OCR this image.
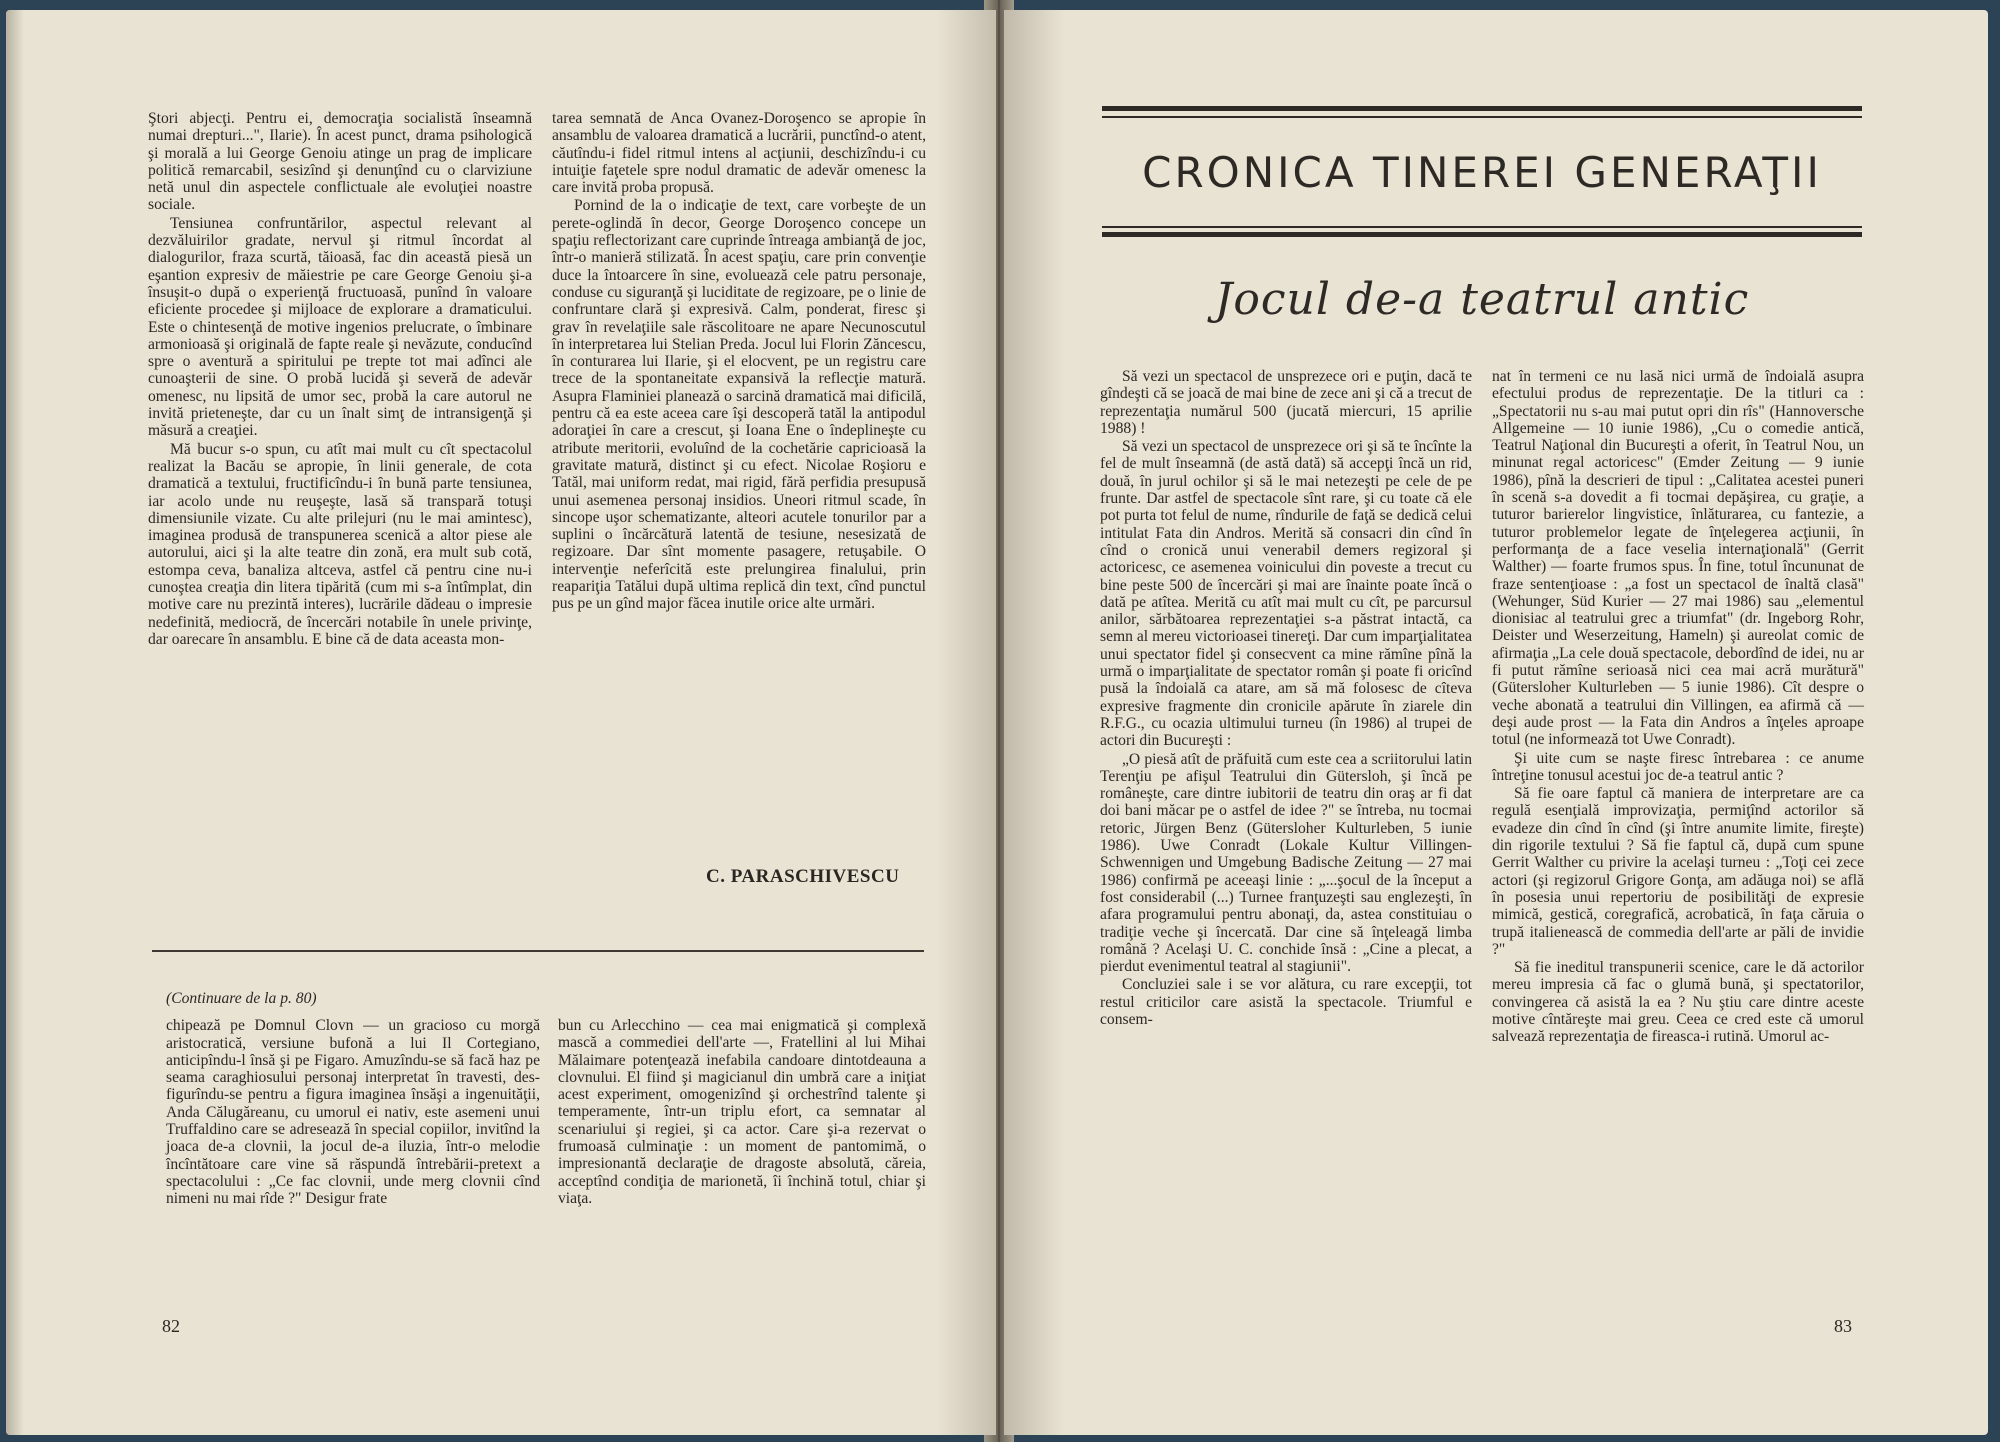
Ştori abjecţi. Pentru ei, democraţia socialistă înseamnă numai drepturi...", Ilarie). În acest punct, drama psihologică şi morală a lui George Genoiu atinge un prag de implicare politică remarcabil, sesizînd şi denunţînd cu o clarviziune netă unul din aspectele conflictuale ale evoluţiei noastre sociale.

Tensiunea confruntărilor, aspectul relevant al dezvăluirilor gradate, nervul şi ritmul încordat al dialogurilor, fraza scurtă, tăioasă, fac din această piesă un eşantion expresiv de măiestrie pe care George Genoiu şi-a însuşit-o după o experienţă fructuoasă, punînd în valoare eficiente procedee şi mijloace de explorare a dramaticului. Este o chintesenţă de motive ingenios prelucrate, o îmbinare armonioasă şi originală de fapte reale şi nevăzute, conducînd spre o aventură a spiritului pe trepte tot mai adînci ale cunoaşterii de sine. O probă lucidă şi severă de adevăr omenesc, nu lipsită de umor sec, probă la care autorul ne invită prieteneşte, dar cu un înalt simţ de intransigenţă şi măsură a creaţiei.

Mă bucur s-o spun, cu atît mai mult cu cît spectacolul realizat la Bacău se apropie, în linii generale, de cota dramatică a textului, fructificîndu-i în bună parte tensiunea, iar acolo unde nu reuşeşte, lasă să transpară totuşi dimensiunile vizate. Cu alte prilejuri (nu le mai amintesc), imaginea produsă de transpunerea scenică a altor piese ale autorului, aici şi la alte teatre din zonă, era mult sub cotă, estompa ceva, banaliza altceva, astfel că pentru cine nu-i cunoştea creaţia din litera tipărită (cum mi s-a întîmplat, din motive care nu prezintă interes), lucrările dădeau o impresie nedefinită, mediocră, de încercări notabile în unele privinţe, dar oarecare în ansamblu. E bine că de data aceasta mon-

tarea semnată de Anca Ovanez-Doroşenco se apropie în ansamblu de valoarea dramatică a lucrării, punctînd-o atent, căutîndu-i fidel ritmul intens al acţiunii, deschizîndu-i cu intuiţie faţetele spre nodul dramatic de adevăr omenesc la care invită proba propusă.

Pornind de la o indicaţie de text, care vorbeşte de un perete-oglindă în decor, George Doroşenco concepe un spaţiu reflectorizant care cuprinde întreaga ambianţă de joc, într-o manieră stilizată. În acest spaţiu, care prin convenţie duce la întoarcere în sine, evoluează cele patru personaje, conduse cu siguranţă şi luciditate de regizoare, pe o linie de confruntare clară şi expresivă. Calm, ponderat, firesc şi grav în revelaţiile sale răscolitoare ne apare Necunoscutul în interpretarea lui Stelian Preda. Jocul lui Florin Zăncescu, în conturarea lui Ilarie, şi el elocvent, pe un registru care trece de la spontaneitate expansivă la reflecţie matură. Asupra Flaminiei planează o sarcină dramatică mai dificilă, pentru că ea este aceea care îşi descoperă tatăl la antipodul adoraţiei în care a crescut, şi Ioana Ene o îndeplineşte cu atribute meritorii, evoluînd de la cochetărie capricioasă la gravitate matură, distinct şi cu efect. Nicolae Roşioru e Tatăl, mai uniform redat, mai rigid, fără perfidia presupusă unui asemenea personaj insidios. Uneori ritmul scade, în sincope uşor schematizante, alteori acutele tonurilor par a suplini o încărcătură latentă de tesiune, nesesizată de regizoare. Dar sînt momente pasagere, retuşabile. O intervenţie neferîcită este prelungirea finalului, prin reapariţia Tatălui după ultima replică din text, cînd punctul pus pe un gînd major făcea inutile orice alte urmări.

C. PARASCHIVESCU

(Continuare de la p. 80)

chipează pe Domnul Clovn — un gracioso cu morgă aristocratică, versiune bufonă a lui Il Cortegiano, anticipîndu-l însă şi pe Figaro. Amuzîndu-se să facă haz pe seama caraghiosului personaj interpretat în travesti, des-figurîndu-se pentru a figura imaginea însăşi a ingenuităţii, Anda Călugăreanu, cu umorul ei nativ, este asemeni unui Truffaldino care se adresează în special copiilor, invitînd la joaca de-a clovnii, la jocul de-a iluzia, într-o melodie încîntătoare care vine să răspundă întrebării-pretext a spectacolului : „Ce fac clovnii, unde merg clovnii cînd nimeni nu mai rîde ?" Desigur frate

bun cu Arlecchino — cea mai enigmatică şi complexă mască a commediei dell'arte —, Fratellini al lui Mihai Mălaimare potenţează inefabila candoare dintotdeauna a clovnului. El fiind şi magicianul din umbră care a iniţiat acest experiment, omogenizînd şi orchestrînd talente şi temperamente, într-un triplu efort, ca semnatar al scenariului şi regiei, şi ca actor. Care şi-a rezervat o frumoasă culminaţie : un moment de pantomimă, o impresionantă declaraţie de dragoste absolută, căreia, acceptînd condiţia de marionetă, îi închină totul, chiar şi viaţa.

82
CRONICA TINEREI GENERAŢII
Jocul de-a teatrul antic

Să vezi un spectacol de unsprezece ori e puţin, dacă te gîndeşti că se joacă de mai bine de zece ani şi că a trecut de reprezentaţia numărul 500 (jucată miercuri, 15 aprilie 1988) !

Să vezi un spectacol de unsprezece ori şi să te încînte la fel de mult înseamnă (de astă dată) să accepţi încă un rid, două, în jurul ochilor şi să le mai netezeşti pe cele de pe frunte. Dar astfel de spectacole sînt rare, şi cu toate că ele pot purta tot felul de nume, rîndurile de faţă se dedică celui intitulat Fata din Andros. Merită să consacri din cînd în cînd o cronică unui venerabil demers regizoral şi actoricesc, ce asemenea voinicului din poveste a trecut cu bine peste 500 de încercări şi mai are înainte poate încă o dată pe atîtea. Merită cu atît mai mult cu cît, pe parcursul anilor, sărbătoarea reprezentaţiei s-a păstrat intactă, ca semn al mereu victorioasei tinereţi. Dar cum imparţialitatea unui spectator fidel şi consecvent ca mine rămîne pînă la urmă o imparţialitate de spectator român şi poate fi oricînd pusă la îndoială ca atare, am să mă folosesc de cîteva expresive fragmente din cronicile apărute în ziarele din R.F.G., cu ocazia ultimului turneu (în 1986) al trupei de actori din Bucureşti :

„O piesă atît de prăfuită cum este cea a scriitorului latin Terenţiu pe afişul Teatrului din Gütersloh, şi încă pe româneşte, care dintre iubitorii de teatru din oraş ar fi dat doi bani măcar pe o astfel de idee ?" se întreba, nu tocmai retoric, Jürgen Benz (Gütersloher Kulturleben, 5 iunie 1986). Uwe Conradt (Lokale Kultur Villingen-Schwennigen und Umgebung Badische Zeitung — 27 mai 1986) confirmă pe aceeaşi linie : „...şocul de la început a fost considerabil (...) Turnee franţuzeşti sau englezeşti, în afara programului pentru abonaţi, da, astea constituiau o tradiţie veche şi încercată. Dar cine să înţeleagă limba română ? Acelaşi U. C. conchide însă : „Cine a plecat, a pierdut evenimentul teatral al stagiunii".

Concluziei sale i se vor alătura, cu rare excepţii, tot restul criticilor care asistă la spectacole. Triumful e consem-

nat în termeni ce nu lasă nici urmă de îndoială asupra efectului produs de reprezentaţie. De la titluri ca : „Spectatorii nu s-au mai putut opri din rîs" (Hannoversche Allgemeine — 10 iunie 1986), „Cu o comedie antică, Teatrul Naţional din Bucureşti a oferit, în Teatrul Nou, un minunat regal actoricesc" (Emder Zeitung — 9 iunie 1986), pînă la descrieri de tipul : „Calitatea acestei puneri în scenă s-a dovedit a fi tocmai depăşirea, cu graţie, a tuturor barierelor lingvistice, înlăturarea, cu fantezie, a tuturor problemelor legate de înţelegerea acţiunii, în performanţa de a face veselia internaţională" (Gerrit Walther) — foarte frumos spus. În fine, totul încununat de fraze sentenţioase : „a fost un spectacol de înaltă clasă" (Wehunger, Süd Kurier — 27 mai 1986) sau „elementul dionisiac al teatrului grec a triumfat" (dr. Ingeborg Rohr, Deister und Weserzeitung, Hameln) şi aureolat comic de afirmaţia „La cele două spectacole, debordînd de idei, nu ar fi putut rămîne serioasă nici cea mai acră murătură" (Gütersloher Kulturleben — 5 iunie 1986). Cît despre o veche abonată a teatrului din Villingen, ea afirmă că — deşi aude prost — la Fata din Andros a înţeles aproape totul (ne informează tot Uwe Conradt).

Şi uite cum se naşte firesc întrebarea : ce anume întreţine tonusul acestui joc de-a teatrul antic ?

Să fie oare faptul că maniera de interpretare are ca regulă esenţială improvizaţia, permiţînd actorilor să evadeze din cînd în cînd (şi între anumite limite, fireşte) din rigorile textului ? Să fie faptul că, după cum spune Gerrit Walther cu privire la acelaşi turneu : „Toţi cei zece actori (şi regizorul Grigore Gonţa, am adăuga noi) se află în posesia unui repertoriu de posibilităţi de expresie mimică, gestică, coregrafică, acrobatică, în faţa căruia o trupă italienească de commedia dell'arte ar păli de invidie ?"

Să fie ineditul transpunerii scenice, care le dă actorilor mereu impresia că fac o glumă bună, şi spectatorilor, convingerea că asistă la ea ? Nu ştiu care dintre aceste motive cîntăreşte mai greu. Ceea ce cred este că umorul salvează reprezentaţia de fireasca-i rutină. Umorul ac-

83
